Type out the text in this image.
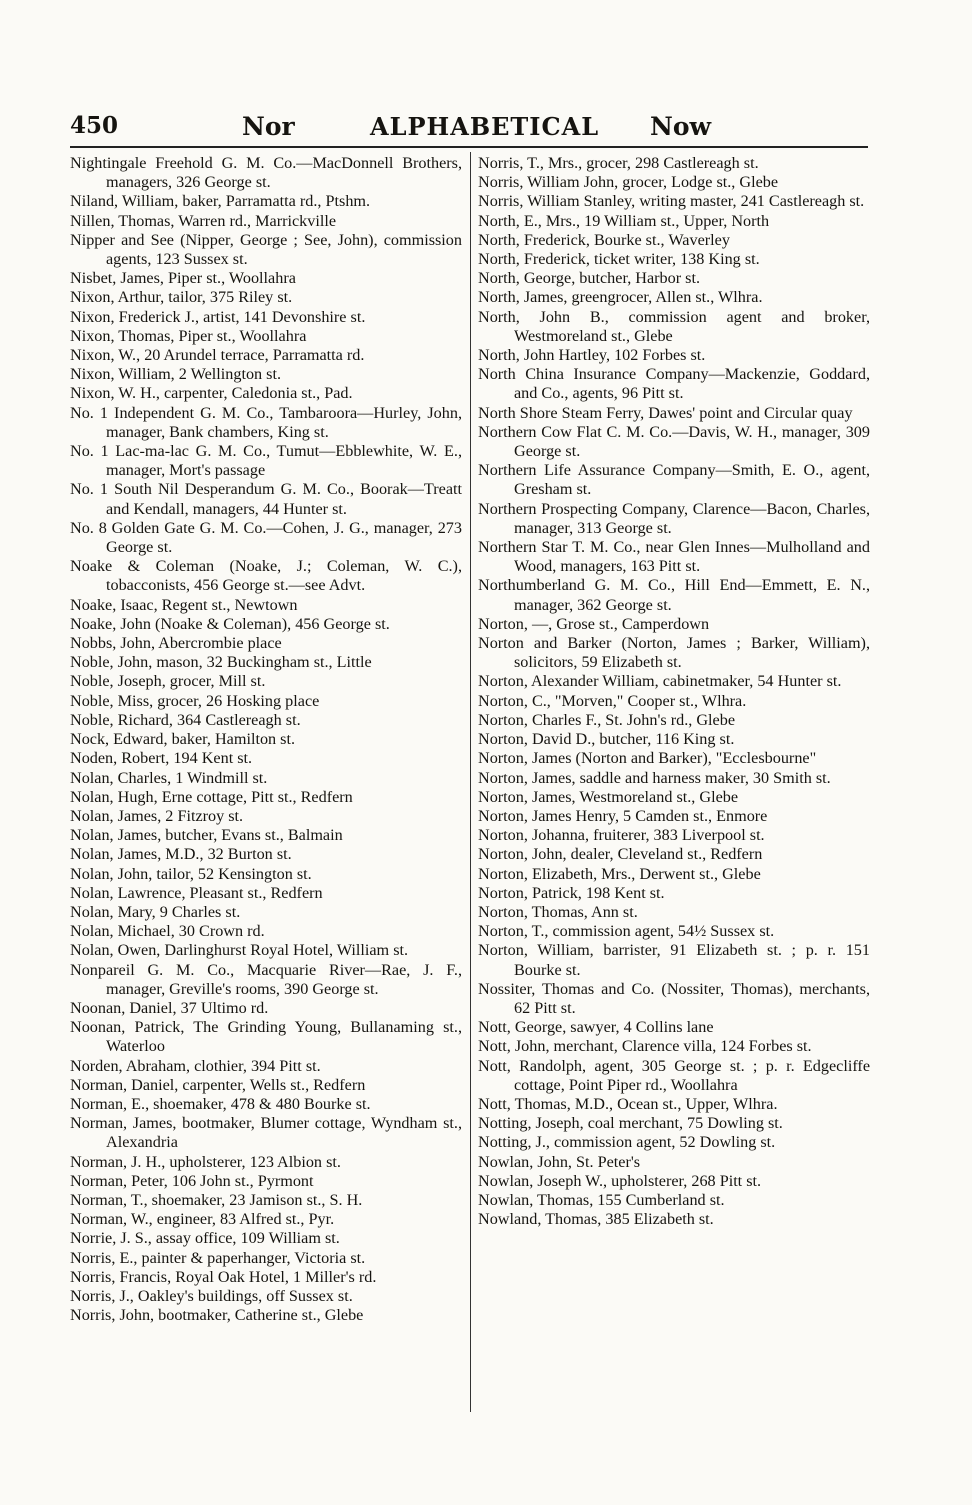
450	Nor	ALPHABETICAL Now
Nightingale Freehold G. M. Co.—MacDonnell Brothers, managers, 326 George st.
Niland, William, baker, Parramatta rd., Ptshm.
Nillen, Thomas, Warren rd., Marrickville
Nipper and See (Nipper, George ; See, John), commission agents, 123 Sussex st.
Nisbet, James, Piper st., Woollahra
Nixon, Arthur, tailor, 375 Riley st.
Nixon, Frederick J., artist, 141 Devonshire st.
Nixon, Thomas, Piper st., Woollahra
Nixon, W., 20 Arundel terrace, Parramatta rd.
Nixon, William, 2 Wellington st.
Nixon, W. H., carpenter, Caledonia st., Pad.
No. 1 Independent G. M. Co., Tambaroora—Hurley, John, manager, Bank chambers, King st.
No. 1 Lac-ma-lac G. M. Co., Tumut—Ebblewhite, W. E., manager, Mort's passage
No. 1 South Nil Desperandum G. M. Co., Boorak—Treatt and Kendall, managers, 44 Hunter st.
No. 8 Golden Gate G. M. Co.—Cohen, J. G., manager, 273 George st.
Noake & Coleman (Noake, J.; Coleman, W. C.), tobacconists, 456 George st.—see Advt.
Noake, Isaac, Regent st., Newtown
Noake, John (Noake & Coleman), 456 George st.
Nobbs, John, Abercrombie place
Noble, John, mason, 32 Buckingham st., Little
Noble, Joseph, grocer, Mill st.
Noble, Miss, grocer, 26 Hosking place
Noble, Richard, 364 Castlereagh st.
Nock, Edward, baker, Hamilton st.
Noden, Robert, 194 Kent st.
Nolan, Charles, 1 Windmill st.
Nolan, Hugh, Erne cottage, Pitt st., Redfern
Nolan, James, 2 Fitzroy st.
Nolan, James, butcher, Evans st., Balmain
Nolan, James, M.D., 32 Burton st.
Nolan, John, tailor, 52 Kensington st.
Nolan, Lawrence, Pleasant st., Redfern
Nolan, Mary, 9 Charles st.
Nolan, Michael, 30 Crown rd.
Nolan, Owen, Darlinghurst Royal Hotel, William st.
Nonpareil G. M. Co., Macquarie River—Rae, J. F., manager, Greville's rooms, 390 George st.
Noonan, Daniel, 37 Ultimo rd.
Noonan, Patrick, The Grinding Young, Bullanaming st., Waterloo
Norden, Abraham, clothier, 394 Pitt st.
Norman, Daniel, carpenter, Wells st., Redfern
Norman, E., shoemaker, 478 & 480 Bourke st.
Norman, James, bootmaker, Blumer cottage, Wyndham st., Alexandria
Norman, J. H., upholsterer, 123 Albion st.
Norman, Peter, 106 John st., Pyrmont
Norman, T., shoemaker, 23 Jamison st., S. H.
Norman, W., engineer, 83 Alfred st., Pyr.
Norrie, J. S., assay office, 109 William st.
Norris, E., painter & paperhanger, Victoria st.
Norris, Francis, Royal Oak Hotel, 1 Miller's rd.
Norris, J., Oakley's buildings, off Sussex st.
Norris, John, bootmaker, Catherine st., Glebe
Norris, T., Mrs., grocer, 298 Castlereagh st.
Norris, William John, grocer, Lodge st., Glebe
Norris, William Stanley, writing master, 241 Castlereagh st.
North, E., Mrs., 19 William st., Upper, North
North, Frederick, Bourke st., Waverley
North, Frederick, ticket writer, 138 King st.
North, George, butcher, Harbor st.
North, James, greengrocer, Allen st., Wlhra.
North, John B., commission agent and broker, Westmoreland st., Glebe
North, John Hartley, 102 Forbes st.
North China Insurance Company—Mackenzie, Goddard, and Co., agents, 96 Pitt st.
North Shore Steam Ferry, Dawes' point and Circular quay
Northern Cow Flat C. M. Co.—Davis, W. H., manager, 309 George st.
Northern Life Assurance Company—Smith, E. O., agent, Gresham st.
Northern Prospecting Company, Clarence—Bacon, Charles, manager, 313 George st.
Northern Star T. M. Co., near Glen Innes—Mulholland and Wood, managers, 163 Pitt st.
Northumberland G. M. Co., Hill End—Emmett, E. N., manager, 362 George st.
Norton, —, Grose st., Camperdown
Norton and Barker (Norton, James ; Barker, William), solicitors, 59 Elizabeth st.
Norton, Alexander William, cabinetmaker, 54 Hunter st.
Norton, C., "Morven," Cooper st., Wlhra.
Norton, Charles F., St. John's rd., Glebe
Norton, David D., butcher, 116 King st.
Norton, James (Norton and Barker), "Ecclesbourne"
Norton, James, saddle and harness maker, 30 Smith st.
Norton, James, Westmoreland st., Glebe
Norton, James Henry, 5 Camden st., Enmore
Norton, Johanna, fruiterer, 383 Liverpool st.
Norton, John, dealer, Cleveland st., Redfern
Norton, Elizabeth, Mrs., Derwent st., Glebe
Norton, Patrick, 198 Kent st.
Norton, Thomas, Ann st.
Norton, T., commission agent, 54½ Sussex st.
Norton, William, barrister, 91 Elizabeth st. ; p. r. 151 Bourke st.
Nossiter, Thomas and Co. (Nossiter, Thomas), merchants, 62 Pitt st.
Nott, George, sawyer, 4 Collins lane
Nott, John, merchant, Clarence villa, 124 Forbes st.
Nott, Randolph, agent, 305 George st. ; p. r. Edgecliffe cottage, Point Piper rd., Woollahra
Nott, Thomas, M.D., Ocean st., Upper, Wlhra.
Notting, Joseph, coal merchant, 75 Dowling st.
Notting, J., commission agent, 52 Dowling st.
Nowlan, John, St. Peter's
Nowlan, Joseph W., upholsterer, 268 Pitt st.
Nowlan, Thomas, 155 Cumberland st.
Nowland, Thomas, 385 Elizabeth st.
